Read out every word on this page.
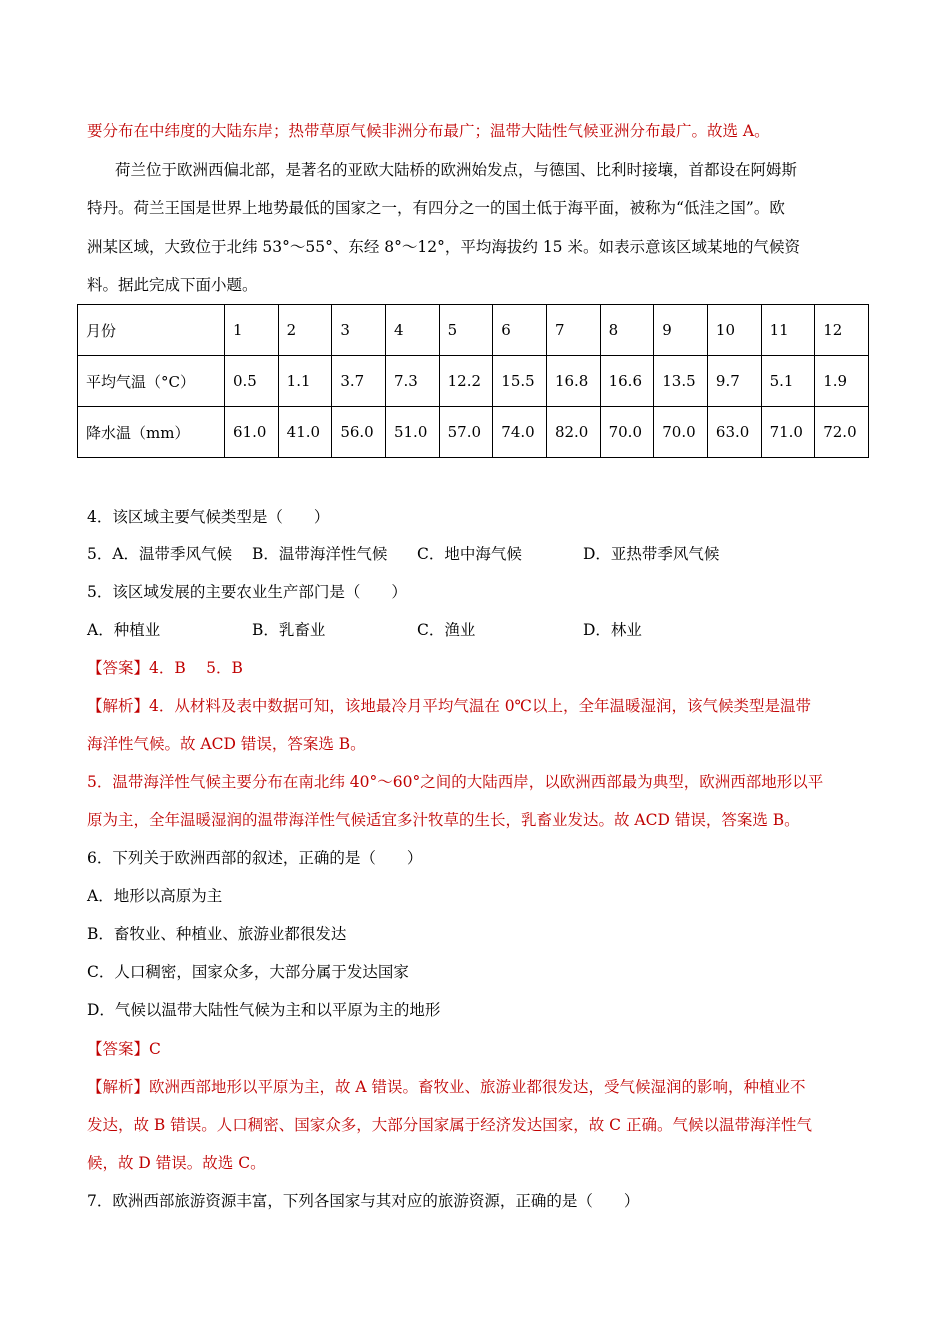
要分布在中纬度的大陆东岸；热带草原气候非洲分布最广；温带大陆性气候亚洲分布最广。故选 A。
荷兰位于欧洲西偏北部，是著名的亚欧大陆桥的欧洲始发点，与德国、比利时接壤，首都设在阿姆斯
特丹。荷兰王国是世界上地势最低的国家之一，有四分之一的国土低于海平面，被称为“低洼之国”。欧
洲某区域，大致位于北纬 53°～55°、东经 8°～12°，平均海拔约 15 米。如表示意该区域某地的气候资
料。据此完成下面小题。
月份	1	2	3	4	5	6	7	8	9	10	11	12
平均气温（°C）	0.5	1.1	3.7	7.3	12.2	15.5	16.8	16.6	13.5	9.7	5.1	1.9
降水温（mm）	61.0	41.0	56.0	51.0	57.0	74.0	82.0	70.0	70.0	63.0	71.0	72.0
4．该区域主要气候类型是（　　）
5．A．温带季风气候 B．温带海洋性气候 C．地中海气候	D．亚热带季风气候
5．该区域发展的主要农业生产部门是（　　）
A．种植业	B．乳畜业	C．渔业	D．林业
【答案】4．B　 5．B
【解析】4．从材料及表中数据可知，该地最冷月平均气温在 0℃以上，全年温暖湿润，该气候类型是温带
海洋性气候。故 ACD 错误，答案选 B。
5．温带海洋性气候主要分布在南北纬 40°～60°之间的大陆西岸，以欧洲西部最为典型，欧洲西部地形以平
原为主，全年温暖湿润的温带海洋性气候适宜多汁牧草的生长，乳畜业发达。故 ACD 错误，答案选 B。
6．下列关于欧洲西部的叙述，正确的是（　　）
A．地形以高原为主
B．畜牧业、种植业、旅游业都很发达
C．人口稠密，国家众多，大部分属于发达国家
D．气候以温带大陆性气候为主和以平原为主的地形
【答案】C
【解析】欧洲西部地形以平原为主，故 A 错误。畜牧业、旅游业都很发达，受气候湿润的影响，种植业不
发达，故 B 错误。人口稠密、国家众多，大部分国家属于经济发达国家，故 C 正确。气候以温带海洋性气
候，故 D 错误。故选 C。
7．欧洲西部旅游资源丰富，下列各国家与其对应的旅游资源，正确的是（　　）
